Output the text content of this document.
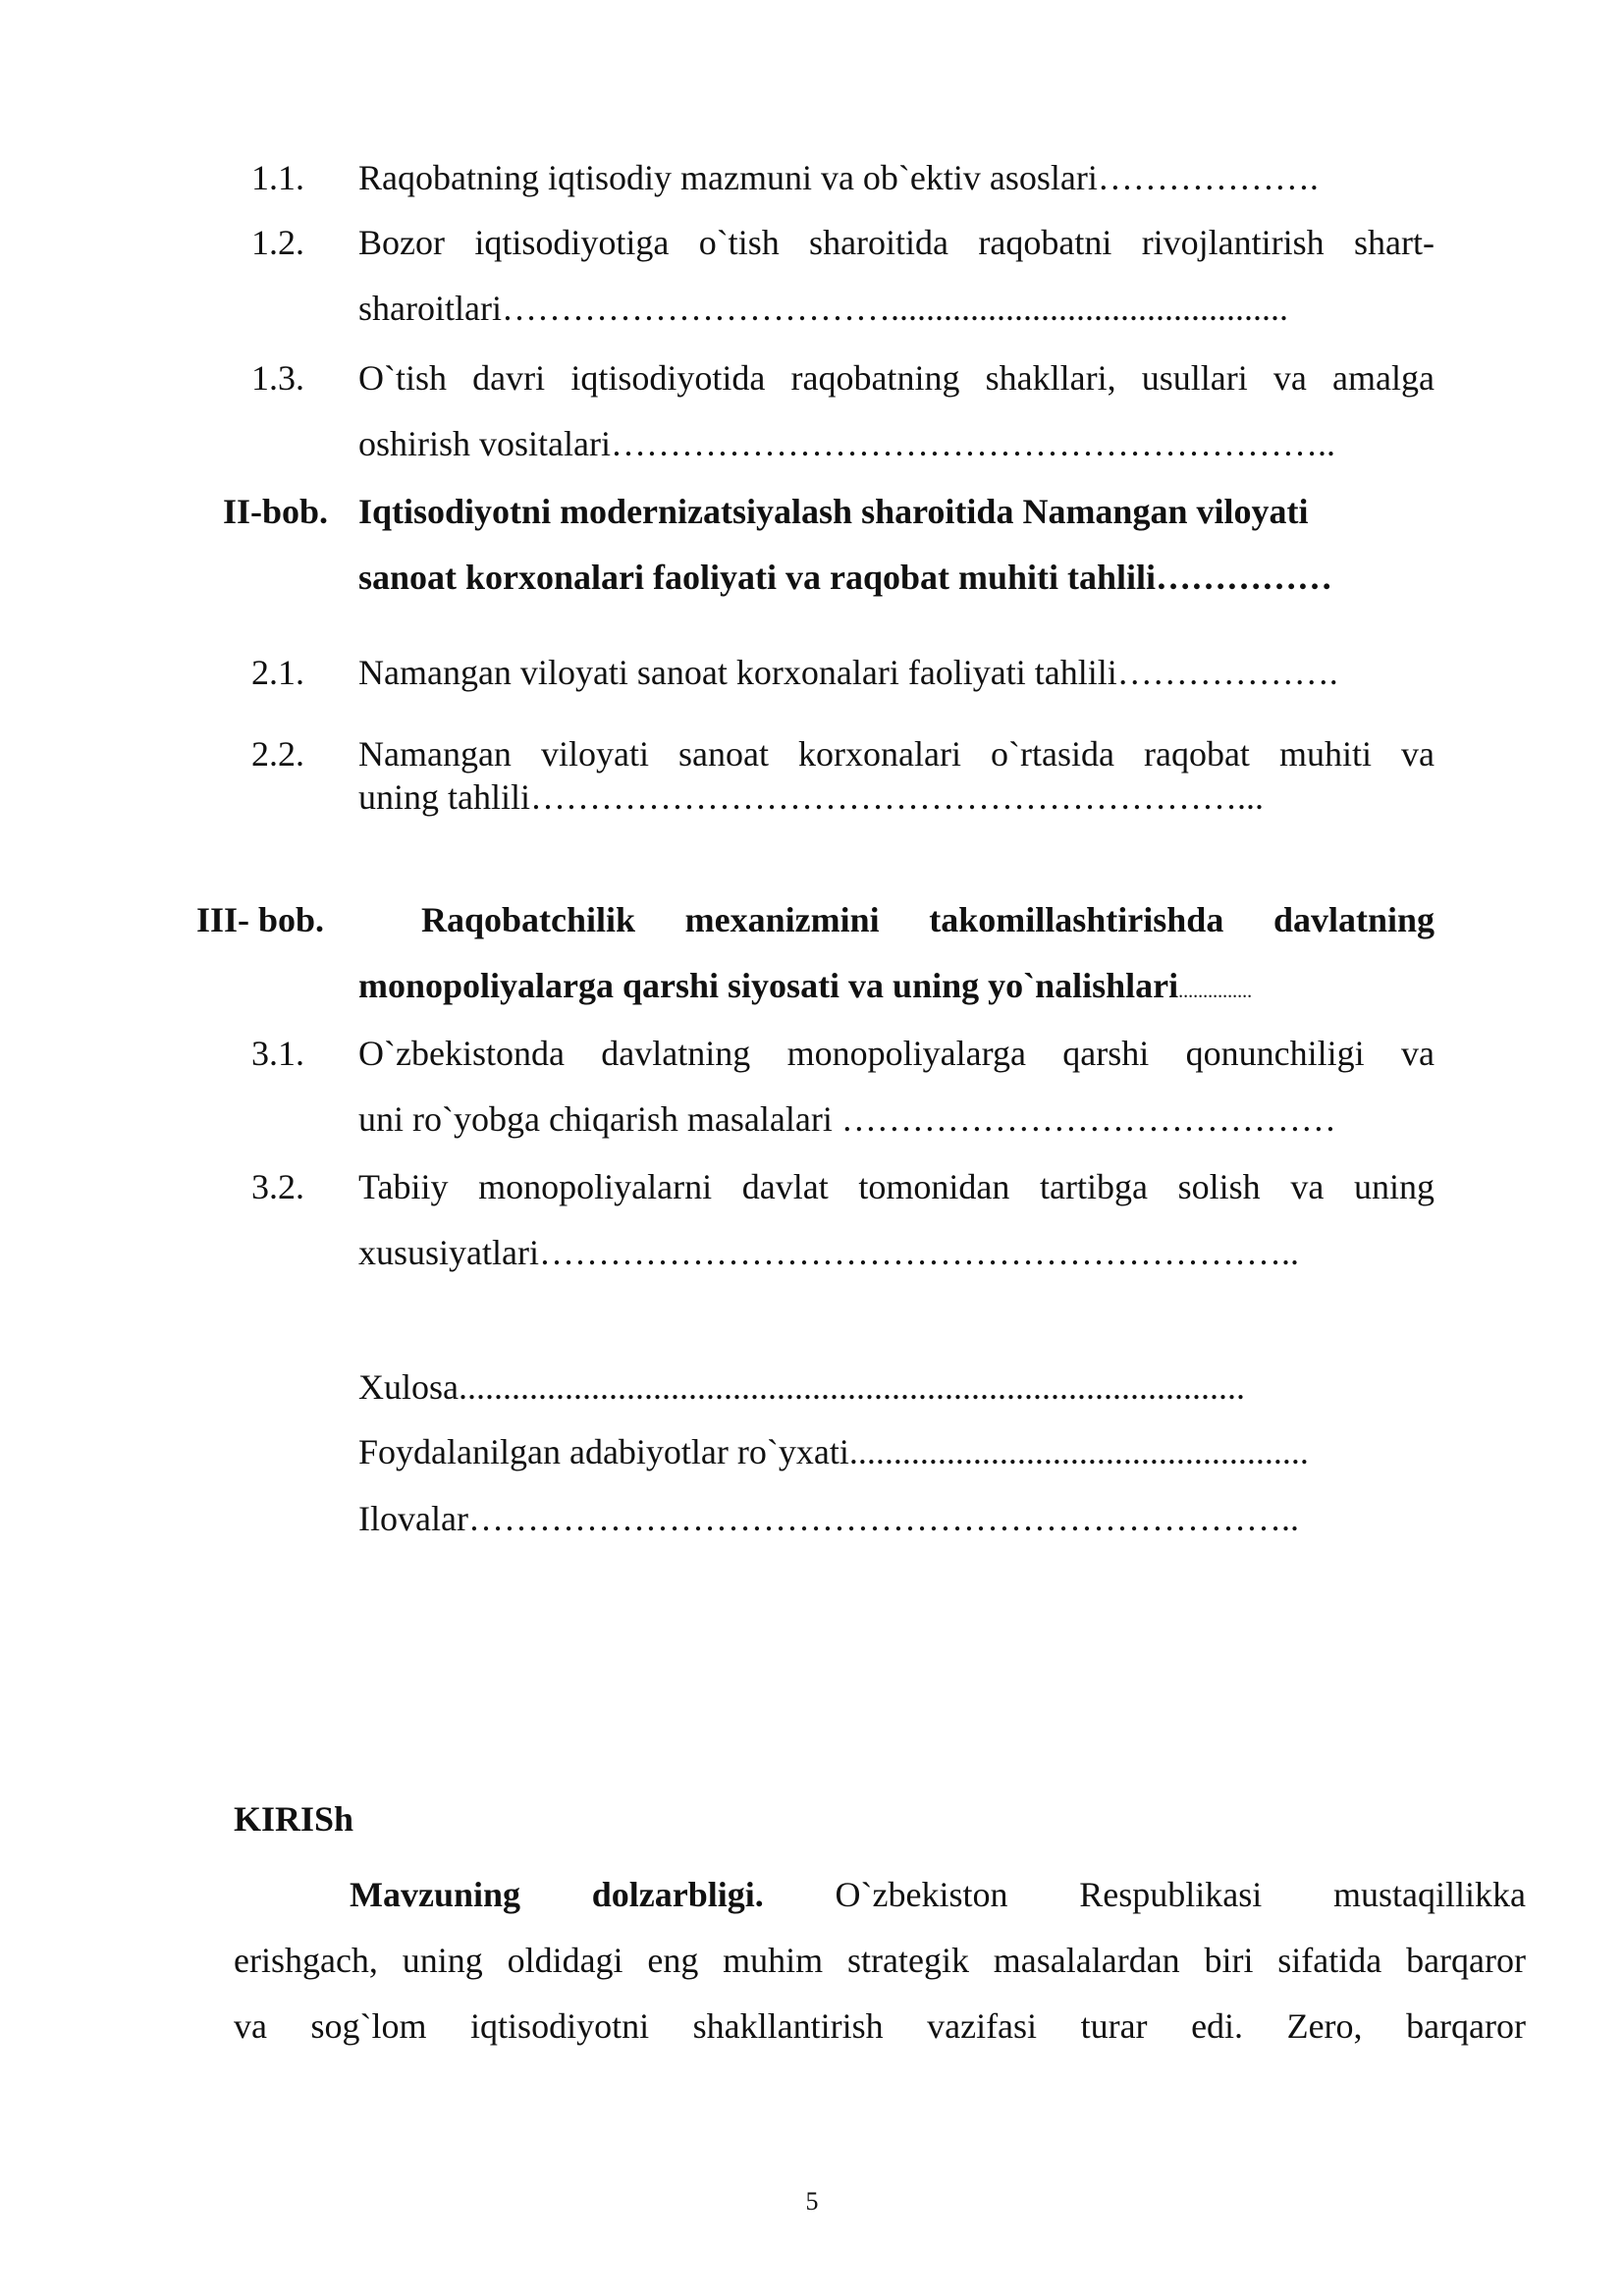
1.1. Raqobatning iqtisodiy mazmuni va ob`ektiv asoslari……………….
1.2. Bozor iqtisodiyotiga o`tish sharoitida raqobatni rivojlantirish shart-
sharoitlari…………………………….............................................
1.3. O`tish davri iqtisodiyotida raqobatning shakllari, usullari va amalga
oshirish vositalari……………………………………………………..
II-bob. Iqtisodiyotni modernizatsiyalash sharoitida Namangan viloyati
sanoat korxonalari faoliyati va raqobat muhiti tahlili……………
2.1. Namangan viloyati sanoat korxonalari faoliyati tahlili……………….
2.2. Namangan viloyati sanoat korxonalari o`rtasida raqobat muhiti va
uning tahlili……………………………………………………...
III- bob.	Raqobatchilik mexanizmini takomillashtirishda davlatning
monopoliyalarga qarshi siyosati va uning yo`nalishlari...............
3.1. O`zbekistonda davlatning monopoliyalarga qarshi qonunchiligi va
uni ro`yobga chiqarish masalalari ……………………………………
3.2. Tabiiy monopoliyalarni davlat tomonidan tartibga solish va uning
xususiyatlari………………………………………………………..
Xulosa.........................................................................................
Foydalanilgan adabiyotlar ro`yxati....................................................
Ilovalar……………………………………………………………..
KIRISh
Mavzuning dolzarbligi. O`zbekiston Respublikasi mustaqillikka
erishgach, uning oldidagi eng muhim strategik masalalardan biri sifatida barqaror
va sog`lom iqtisodiyotni shakllantirish vazifasi turar edi. Zero, barqaror
5
